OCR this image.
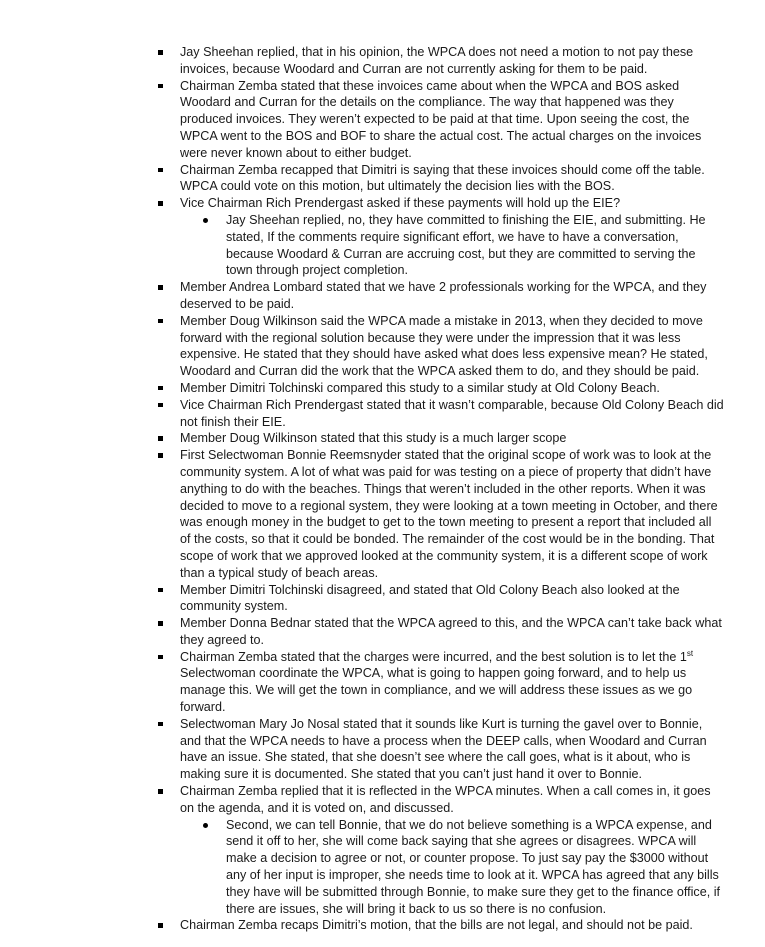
Jay Sheehan replied, that in his opinion, the WPCA does not need a motion to not pay these invoices, because Woodard and Curran are not currently asking for them to be paid.
Chairman Zemba stated that these invoices came about when the WPCA and BOS asked Woodard and Curran for the details on the compliance. The way that happened was they produced invoices. They weren’t expected to be paid at that time. Upon seeing the cost, the WPCA went to the BOS and BOF to share the actual cost. The actual charges on the invoices were never known about to either budget.
Chairman Zemba recapped that Dimitri is saying that these invoices should come off the table. WPCA could vote on this motion, but ultimately the decision lies with the BOS.
Vice Chairman Rich Prendergast asked if these payments will hold up the EIE?
Jay Sheehan replied, no, they have committed to finishing the EIE, and submitting. He stated, If the comments require significant effort, we have to have a conversation, because Woodard & Curran are accruing cost, but they are committed to serving the town through project completion.
Member Andrea Lombard stated that we have 2 professionals working for the WPCA, and they deserved to be paid.
Member Doug Wilkinson said the WPCA made a mistake in 2013, when they decided to move forward with the regional solution because they were under the impression that it was less expensive. He stated that they should have asked what does less expensive mean? He stated, Woodard and Curran did the work that the WPCA asked them to do, and they should be paid.
Member Dimitri Tolchinski compared this study to a similar study at Old Colony Beach.
Vice Chairman Rich Prendergast stated that it wasn’t comparable, because Old Colony Beach did not finish their EIE.
Member Doug Wilkinson stated that this study is a much larger scope
First Selectwoman Bonnie Reemsnyder stated that the original scope of work was to look at the community system. A lot of what was paid for was testing on a piece of property that didn’t have anything to do with the beaches. Things that weren’t included in the other reports. When it was decided to move to a regional system, they were looking at a town meeting in October, and there was enough money in the budget to get to the town meeting to present a report that included all of the costs, so that it could be bonded. The remainder of the cost would be in the bonding. That scope of work that we approved looked at the community system, it is a different scope of work than a typical study of beach areas.
Member Dimitri Tolchinski disagreed, and stated that Old Colony Beach also looked at the community system.
Member Donna Bednar stated that the WPCA agreed to this, and the WPCA can’t take back what they agreed to.
Chairman Zemba stated that the charges were incurred, and the best solution is to let the 1st Selectwoman coordinate the WPCA, what is going to happen going forward, and to help us manage this. We will get the town in compliance, and we will address these issues as we go forward.
Selectwoman Mary Jo Nosal stated that it sounds like Kurt is turning the gavel over to Bonnie, and that the WPCA needs to have a process when the DEEP calls, when Woodard and Curran have an issue. She stated, that she doesn’t see where the call goes, what is it about, who is making sure it is documented. She stated that you can’t just hand it over to Bonnie.
Chairman Zemba replied that it is reflected in the WPCA minutes. When a call comes in, it goes on the agenda, and it is voted on, and discussed.
Second, we can tell Bonnie, that we do not believe something is a WPCA expense, and send it off to her, she will come back saying that she agrees or disagrees. WPCA will make a decision to agree or not, or counter propose. To just say pay the $3000 without any of her input is improper, she needs time to look at it. WPCA has agreed that any bills they have will be submitted through Bonnie, to make sure they get to the finance office, if there are issues, she will bring it back to us so there is no confusion.
Chairman Zemba recaps Dimitri’s motion, that the bills are not legal, and should not be paid.
